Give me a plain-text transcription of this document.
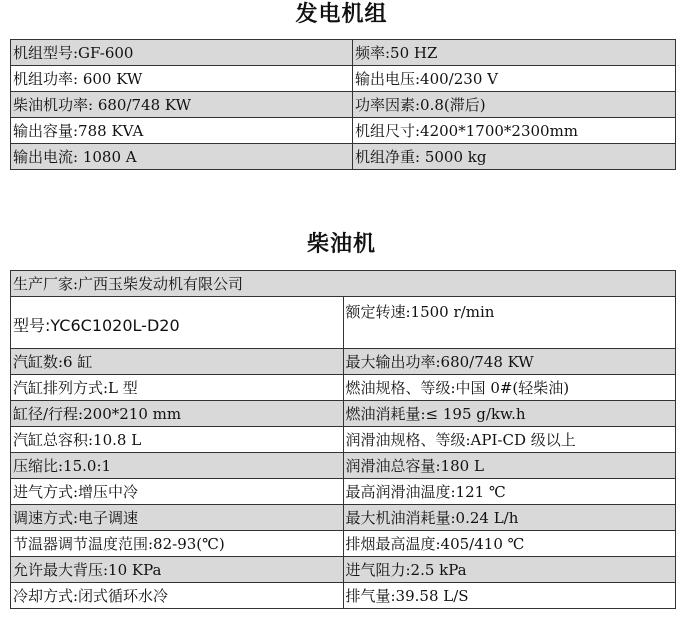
发电机组
机组型号:GF-600	频率:50 HZ
机组功率: 600 KW	输出电压:400/230 V
柴油机功率: 680/748 KW	功率因素:0.8(滞后)
输出容量:788 KVA	机组尺寸:4200*1700*2300mm
输出电流: 1080 A	机组净重: 5000 kg
柴油机
生产厂家:广西玉柴发动机有限公司	
型号:YC6C1020L-D20	额定转速:1500 r/min
汽缸数:6 缸	最大输出功率:680/748 KW
汽缸排列方式:L 型	燃油规格、等级:中国 0#(轻柴油)
缸径/行程:200*210 mm	燃油消耗量:≤ 195 g/kw.h
汽缸总容积:10.8 L	润滑油规格、等级:API-CD 级以上
压缩比:15.0:1	润滑油总容量:180 L
进气方式:增压中冷	最高润滑油温度:121 ℃
调速方式:电子调速	最大机油消耗量:0.24 L/h
节温器调节温度范围:82-93(℃)	排烟最高温度:405/410 ℃
允许最大背压:10 KPa	进气阻力:2.5 kPa
冷却方式:闭式循环水冷	排气量:39.58 L/S
